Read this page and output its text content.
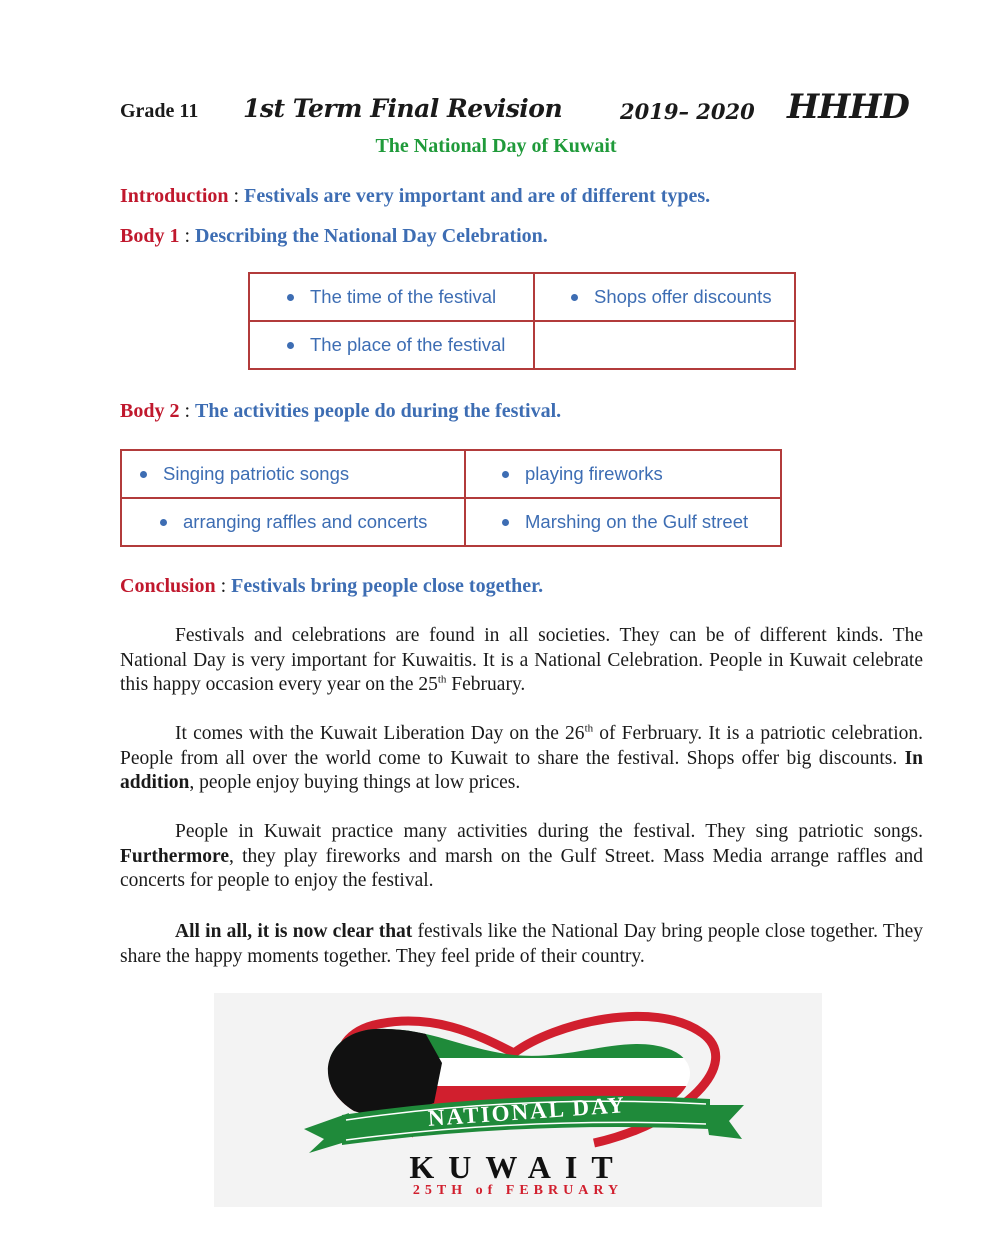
Grade 11 1st Term Final Revision	2019– 2020 HHHD
The National Day of Kuwait
Introduction : Festivals are very important and are of different types.
Body 1 : Describing the National Day Celebration.
The time of the festival	Shops offer discounts

The place of the festival	

Body 2 : The activities people do during the festival.
Singing patriotic songs	playing fireworks

arranging raffles and concerts	Marshing on the Gulf street
Conclusion : Festivals bring people close together.
Festivals and celebrations are found in all societies. They can be of different kinds. The National Day is very important for Kuwaitis. It is a National Celebration. People in Kuwait celebrate this happy occasion every year on the 25th February.
It comes with the Kuwait Liberation Day on the 26th of Ferbruary. It is a patriotic celebration. People from all over the world come to Kuwait to share the festival. Shops offer big discounts. In addition, people enjoy buying things at low prices.
People in Kuwait practice many activities during the festival. They sing patriotic songs. Furthermore, they play fireworks and marsh on the Gulf Street. Mass Media arrange raffles and concerts for people to enjoy the festival.
All in all, it is now clear that festivals like the National Day bring people close together. They share the happy moments together. They feel pride of their country.
NATIONAL DAY
KUWAIT
25TH of FEBRUARY
